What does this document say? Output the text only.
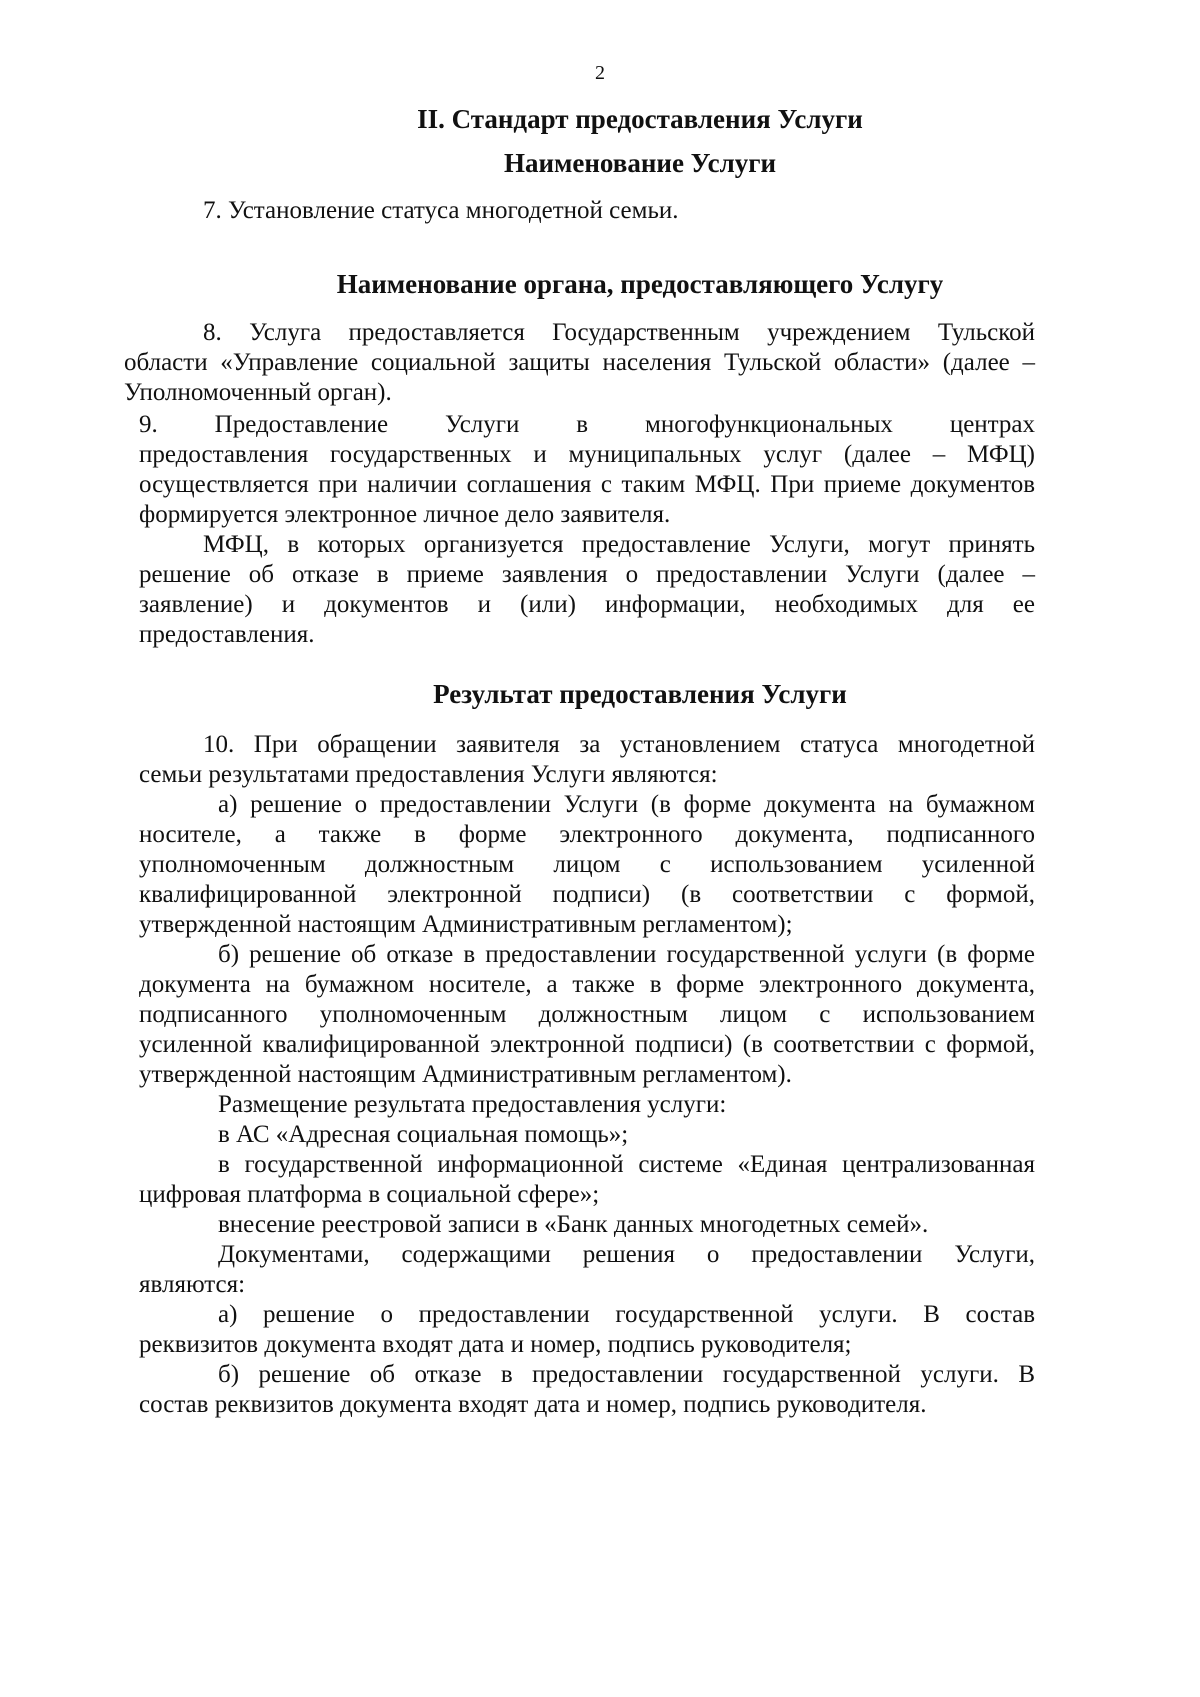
2
II. Стандарт предоставления Услуги
Наименование Услуги
7. Установление статуса многодетной семьи.
Наименование органа, предоставляющего Услугу
8. Услуга предоставляется Государственным учреждением Тульской
области «Управление социальной защиты населения Тульской области» (далее –
Уполномоченный орган).
9. Предоставление Услуги в многофункциональных центрах
предоставления государственных и муниципальных услуг (далее – МФЦ)
осуществляется при наличии соглашения с таким МФЦ. При приеме документов
формируется электронное личное дело заявителя.
МФЦ, в которых организуется предоставление Услуги, могут принять
решение об отказе в приеме заявления о предоставлении Услуги (далее –
заявление) и документов и (или) информации, необходимых для ее
предоставления.
Результат предоставления Услуги
10. При обращении заявителя за установлением статуса многодетной
семьи результатами предоставления Услуги являются:
а) решение о предоставлении Услуги (в форме документа на бумажном
носителе, а также в форме электронного документа, подписанного
уполномоченным должностным лицом с использованием усиленной
квалифицированной электронной подписи) (в соответствии с формой,
утвержденной настоящим Административным регламентом);
б) решение об отказе в предоставлении государственной услуги (в форме
документа на бумажном носителе, а также в форме электронного документа,
подписанного уполномоченным должностным лицом с использованием
усиленной квалифицированной электронной подписи) (в соответствии с формой,
утвержденной настоящим Административным регламентом).
Размещение результата предоставления услуги:
в АС «Адресная социальная помощь»;
в государственной информационной системе «Единая централизованная
цифровая платформа в социальной сфере»;
внесение реестровой записи в «Банк данных многодетных семей».
Документами, содержащими решения о предоставлении Услуги,
являются:
а) решение о предоставлении государственной услуги. В состав
реквизитов документа входят дата и номер, подпись руководителя;
б) решение об отказе в предоставлении государственной услуги. В
состав реквизитов документа входят дата и номер, подпись руководителя.
